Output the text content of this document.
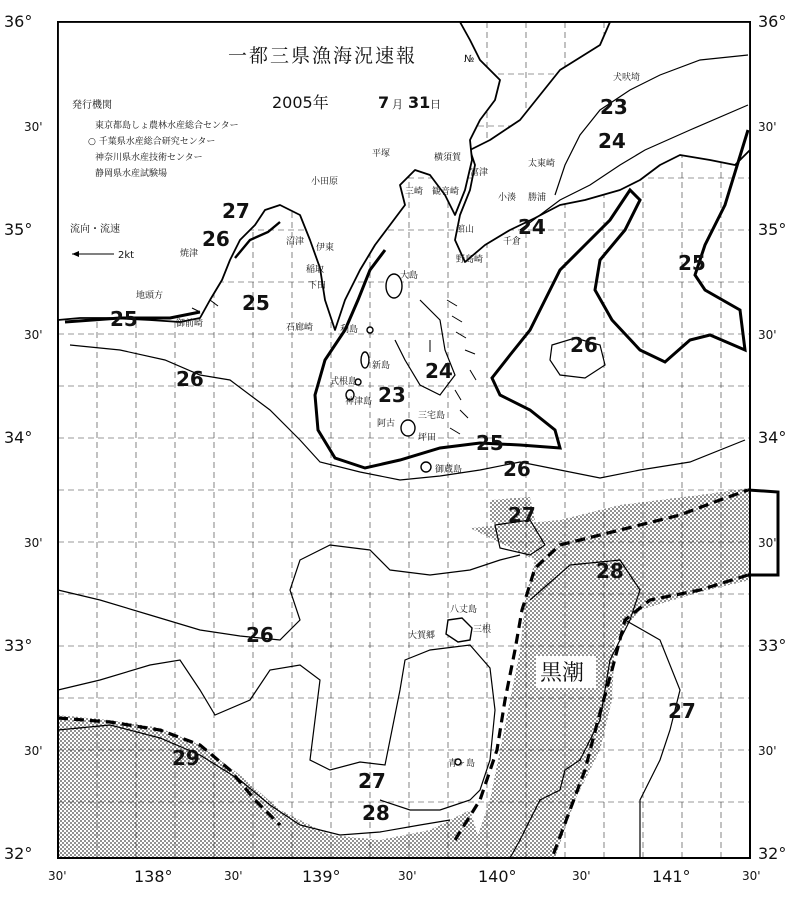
一都三県漁海況速報	№
2005年	7 月 31 日
発行機関
東京都島しょ農林水産総合センター
○ 千葉県水産総合研究センター
神奈川県水産技術センター
静岡県水産試験場
流向・流速
2kt
黒潮
23
24
27
26
25
25
24
25
26
26	24
23
25
26
27
28
26
27
29
27
28
犬吠埼
太東崎
勝浦
小湊
富津
横須賀
平塚
小田原
三崎 観音崎
館山
千倉
野島崎
伊東
稲取
下田
沼津
焼津
御前崎
地頭方
石廊崎
大島
利島
新島
式根島
神津島
三宅島
阿古
坪田
御蔵島
八丈島
三根
大賀郷
青ヶ島
36°
30'
35°
30'
34°
30'
33°
30'
32°
36°
30'
35°
30'
34°
30'
33°
30'
32°
30'	138°	30'	139°	30'	140°	30'	141°	30'
